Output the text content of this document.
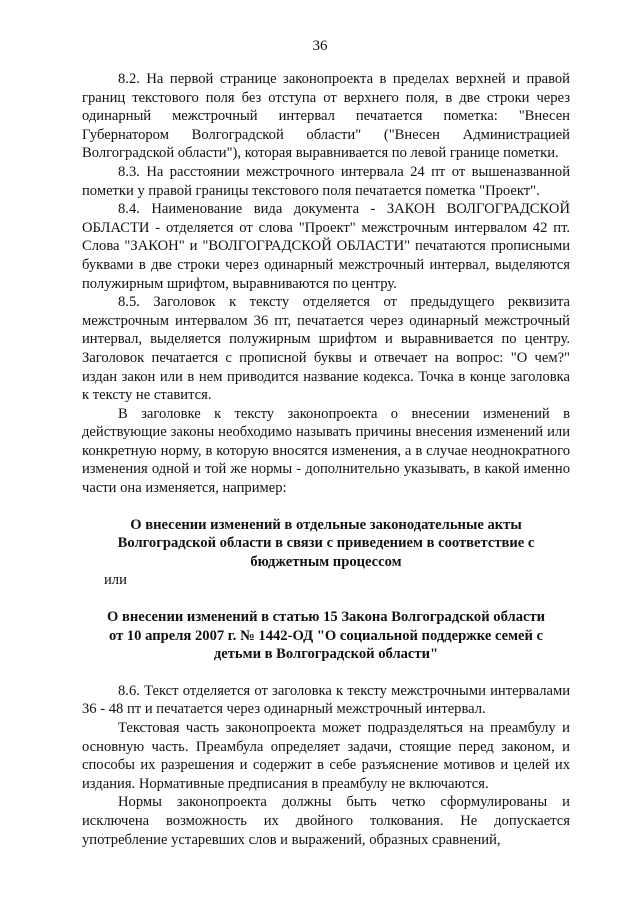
36

8.2. На первой странице законопроекта в пределах верхней и правой границ текстового поля без отступа от верхнего поля, в две строки через одинарный межстрочный интервал печатается пометка: "Внесен Губернатором Волгоградской области" ("Внесен Администрацией Волгоградской области"), которая выравнивается по левой границе пометки.

8.3. На расстоянии межстрочного интервала 24 пт от вышеназванной пометки у правой границы текстового поля печатается пометка "Проект".

8.4. Наименование вида документа - ЗАКОН ВОЛГОГРАДСКОЙ ОБЛАСТИ - отделяется от слова "Проект" межстрочным интервалом 42 пт. Слова "ЗАКОН" и "ВОЛГОГРАДСКОЙ ОБЛАСТИ" печатаются прописными буквами в две строки через одинарный межстрочный интервал, выделяются полужирным шрифтом, выравниваются по центру.

8.5. Заголовок к тексту отделяется от предыдущего реквизита межстрочным интервалом 36 пт, печатается через одинарный межстрочный интервал, выделяется полужирным шрифтом и выравнивается по центру. Заголовок печатается с прописной буквы и отвечает на вопрос: "О чем?" издан закон или в нем приводится название кодекса. Точка в конце заголовка к тексту не ставится.

В заголовке к тексту законопроекта о внесении изменений в действующие законы необходимо называть причины внесения изменений или конкретную норму, в которую вносятся изменения, а в случае неоднократного изменения одной и той же нормы - дополнительно указывать, в какой именно части она изменяется, например:

О внесении изменений в отдельные законодательные акты Волгоградской области в связи с приведением в соответствие с бюджетным процессом

или

О внесении изменений в статью 15 Закона Волгоградской области от 10 апреля 2007 г. № 1442-ОД "О социальной поддержке семей с детьми в Волгоградской области"

8.6. Текст отделяется от заголовка к тексту межстрочными интервалами 36 - 48 пт и печатается через одинарный межстрочный интервал.

Текстовая часть законопроекта может подразделяться на преамбулу и основную часть. Преамбула определяет задачи, стоящие перед законом, и способы их разрешения и содержит в себе разъяснение мотивов и целей их издания. Нормативные предписания в преамбулу не включаются.

Нормы законопроекта должны быть четко сформулированы и исключена возможность их двойного толкования. Не допускается употребление устаревших слов и выражений, образных сравнений,
